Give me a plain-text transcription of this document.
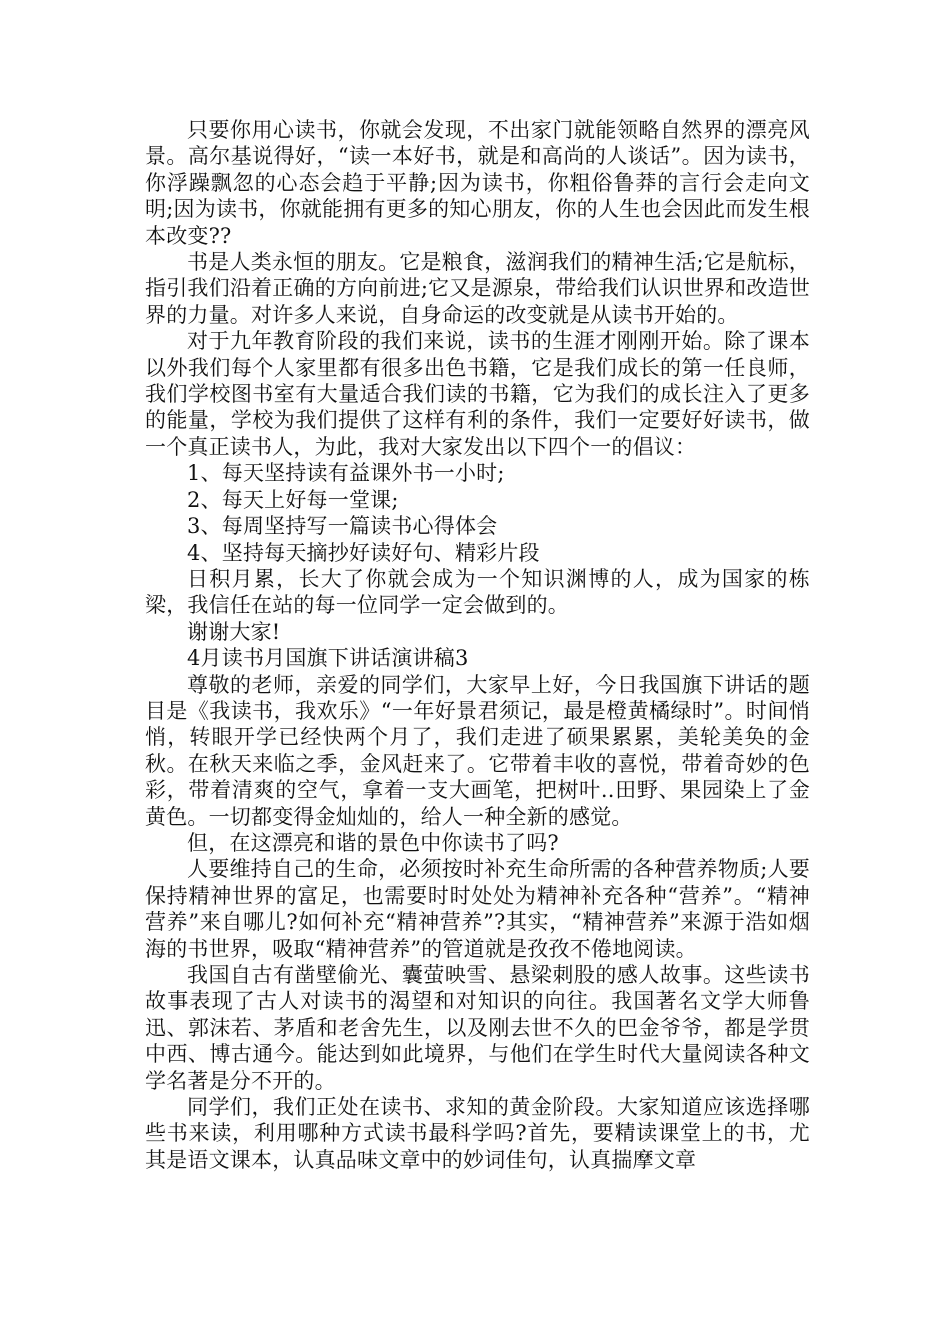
只要你用心读书，你就会发现，不出家门就能领略自然界的漂亮风景。高尔基说得好，“读一本好书，就是和高尚的人谈话”。因为读书，你浮躁飘忽的心态会趋于平静;因为读书，你粗俗鲁莽的言行会走向文明;因为读书，你就能拥有更多的知心朋友，你的人生也会因此而发生根本改变??

书是人类永恒的朋友。它是粮食，滋润我们的精神生活;它是航标，指引我们沿着正确的方向前进;它又是源泉，带给我们认识世界和改造世界的力量。对许多人来说，自身命运的改变就是从读书开始的。

对于九年教育阶段的我们来说，读书的生涯才刚刚开始。除了课本以外我们每个人家里都有很多出色书籍，它是我们成长的第一任良师，我们学校图书室有大量适合我们读的书籍，它为我们的成长注入了更多的能量，学校为我们提供了这样有利的条件，我们一定要好好读书，做一个真正读书人，为此，我对大家发出以下四个一的倡议：

1、每天坚持读有益课外书一小时;

2、每天上好每一堂课;

3、每周坚持写一篇读书心得体会

4、坚持每天摘抄好读好句、精彩片段

日积月累，长大了你就会成为一个知识渊博的人，成为国家的栋梁，我信任在站的每一位同学一定会做到的。

谢谢大家!

4月读书月国旗下讲话演讲稿3

尊敬的老师，亲爱的同学们，大家早上好，今日我国旗下讲话的题目是《我读书，我欢乐》“一年好景君须记，最是橙黄橘绿时”。时间悄悄，转眼开学已经快两个月了，我们走进了硕果累累，美轮美奂的金秋。在秋天来临之季，金风赶来了。它带着丰收的喜悦，带着奇妙的色彩，带着清爽的空气，拿着一支大画笔，把树叶..田野、果园染上了金黄色。一切都变得金灿灿的，给人一种全新的感觉。

但，在这漂亮和谐的景色中你读书了吗?

人要维持自己的生命，必须按时补充生命所需的各种营养物质;人要保持精神世界的富足，也需要时时处处为精神补充各种“营养”。“精神营养”来自哪儿?如何补充“精神营养”?其实，“精神营养”来源于浩如烟海的书世界，吸取“精神营养”的管道就是孜孜不倦地阅读。

我国自古有凿壁偷光、囊萤映雪、悬梁刺股的感人故事。这些读书故事表现了古人对读书的渴望和对知识的向往。我国著名文学大师鲁迅、郭沫若、茅盾和老舍先生，以及刚去世不久的巴金爷爷，都是学贯中西、博古通今。能达到如此境界，与他们在学生时代大量阅读各种文学名著是分不开的。

同学们，我们正处在读书、求知的黄金阶段。大家知道应该选择哪些书来读，利用哪种方式读书最科学吗?首先，要精读课堂上的书，尤其是语文课本，认真品味文章中的妙词佳句，认真揣摩文章
